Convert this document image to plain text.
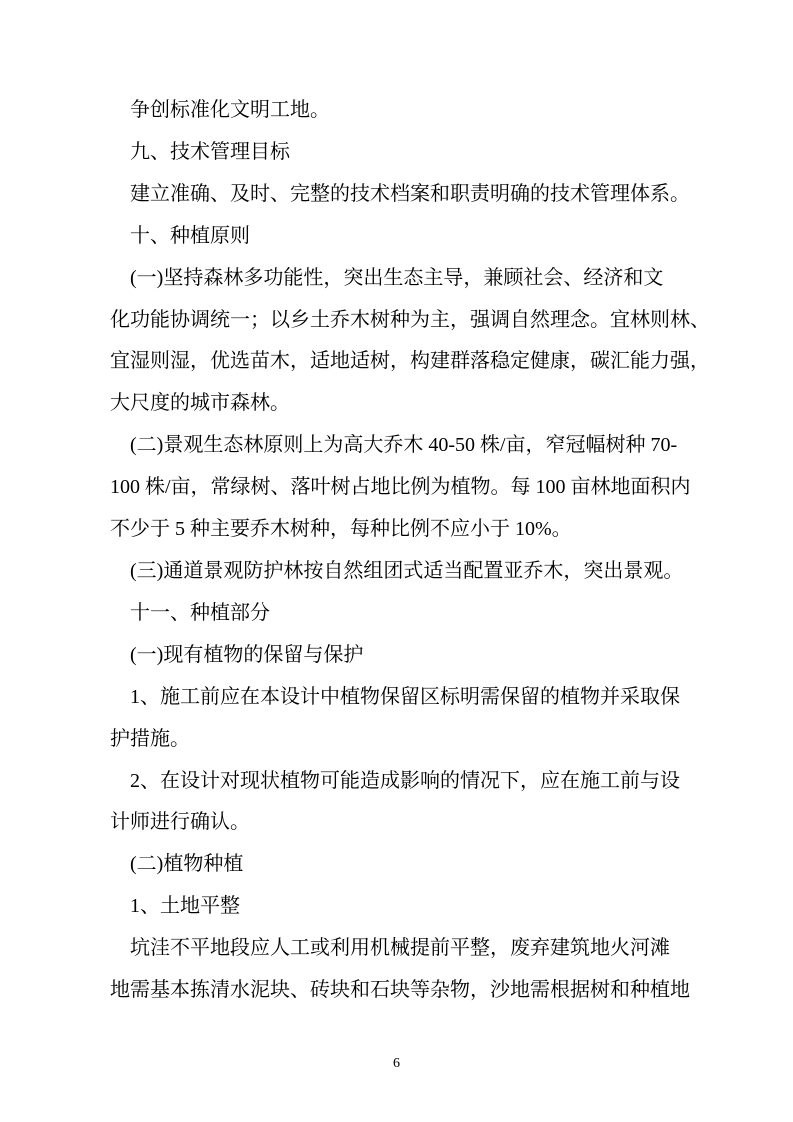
争创标准化文明工地。
九、技术管理目标
建立准确、及时、完整的技术档案和职责明确的技术管理体系。
十、种植原则
(一)坚持森林多功能性，突出生态主导，兼顾社会、经济和文
化功能协调统一；以乡土乔木树种为主，强调自然理念。宜林则林、
宜湿则湿，优选苗木，适地适树，构建群落稳定健康，碳汇能力强，
大尺度的城市森林。
(二)景观生态林原则上为高大乔木 40-50 株/亩，窄冠幅树种 70-
100 株/亩，常绿树、落叶树占地比例为植物。每 100 亩林地面积内
不少于 5 种主要乔木树种，每种比例不应小于 10%。
(三)通道景观防护林按自然组团式适当配置亚乔木，突出景观。
十一、种植部分
(一)现有植物的保留与保护
1、施工前应在本设计中植物保留区标明需保留的植物并采取保
护措施。
2、在设计对现状植物可能造成影响的情况下，应在施工前与设
计师进行确认。
(二)植物种植
1、土地平整
坑洼不平地段应人工或利用机械提前平整，废弃建筑地火河滩
地需基本拣清水泥块、砖块和石块等杂物，沙地需根据树和种植地
6
